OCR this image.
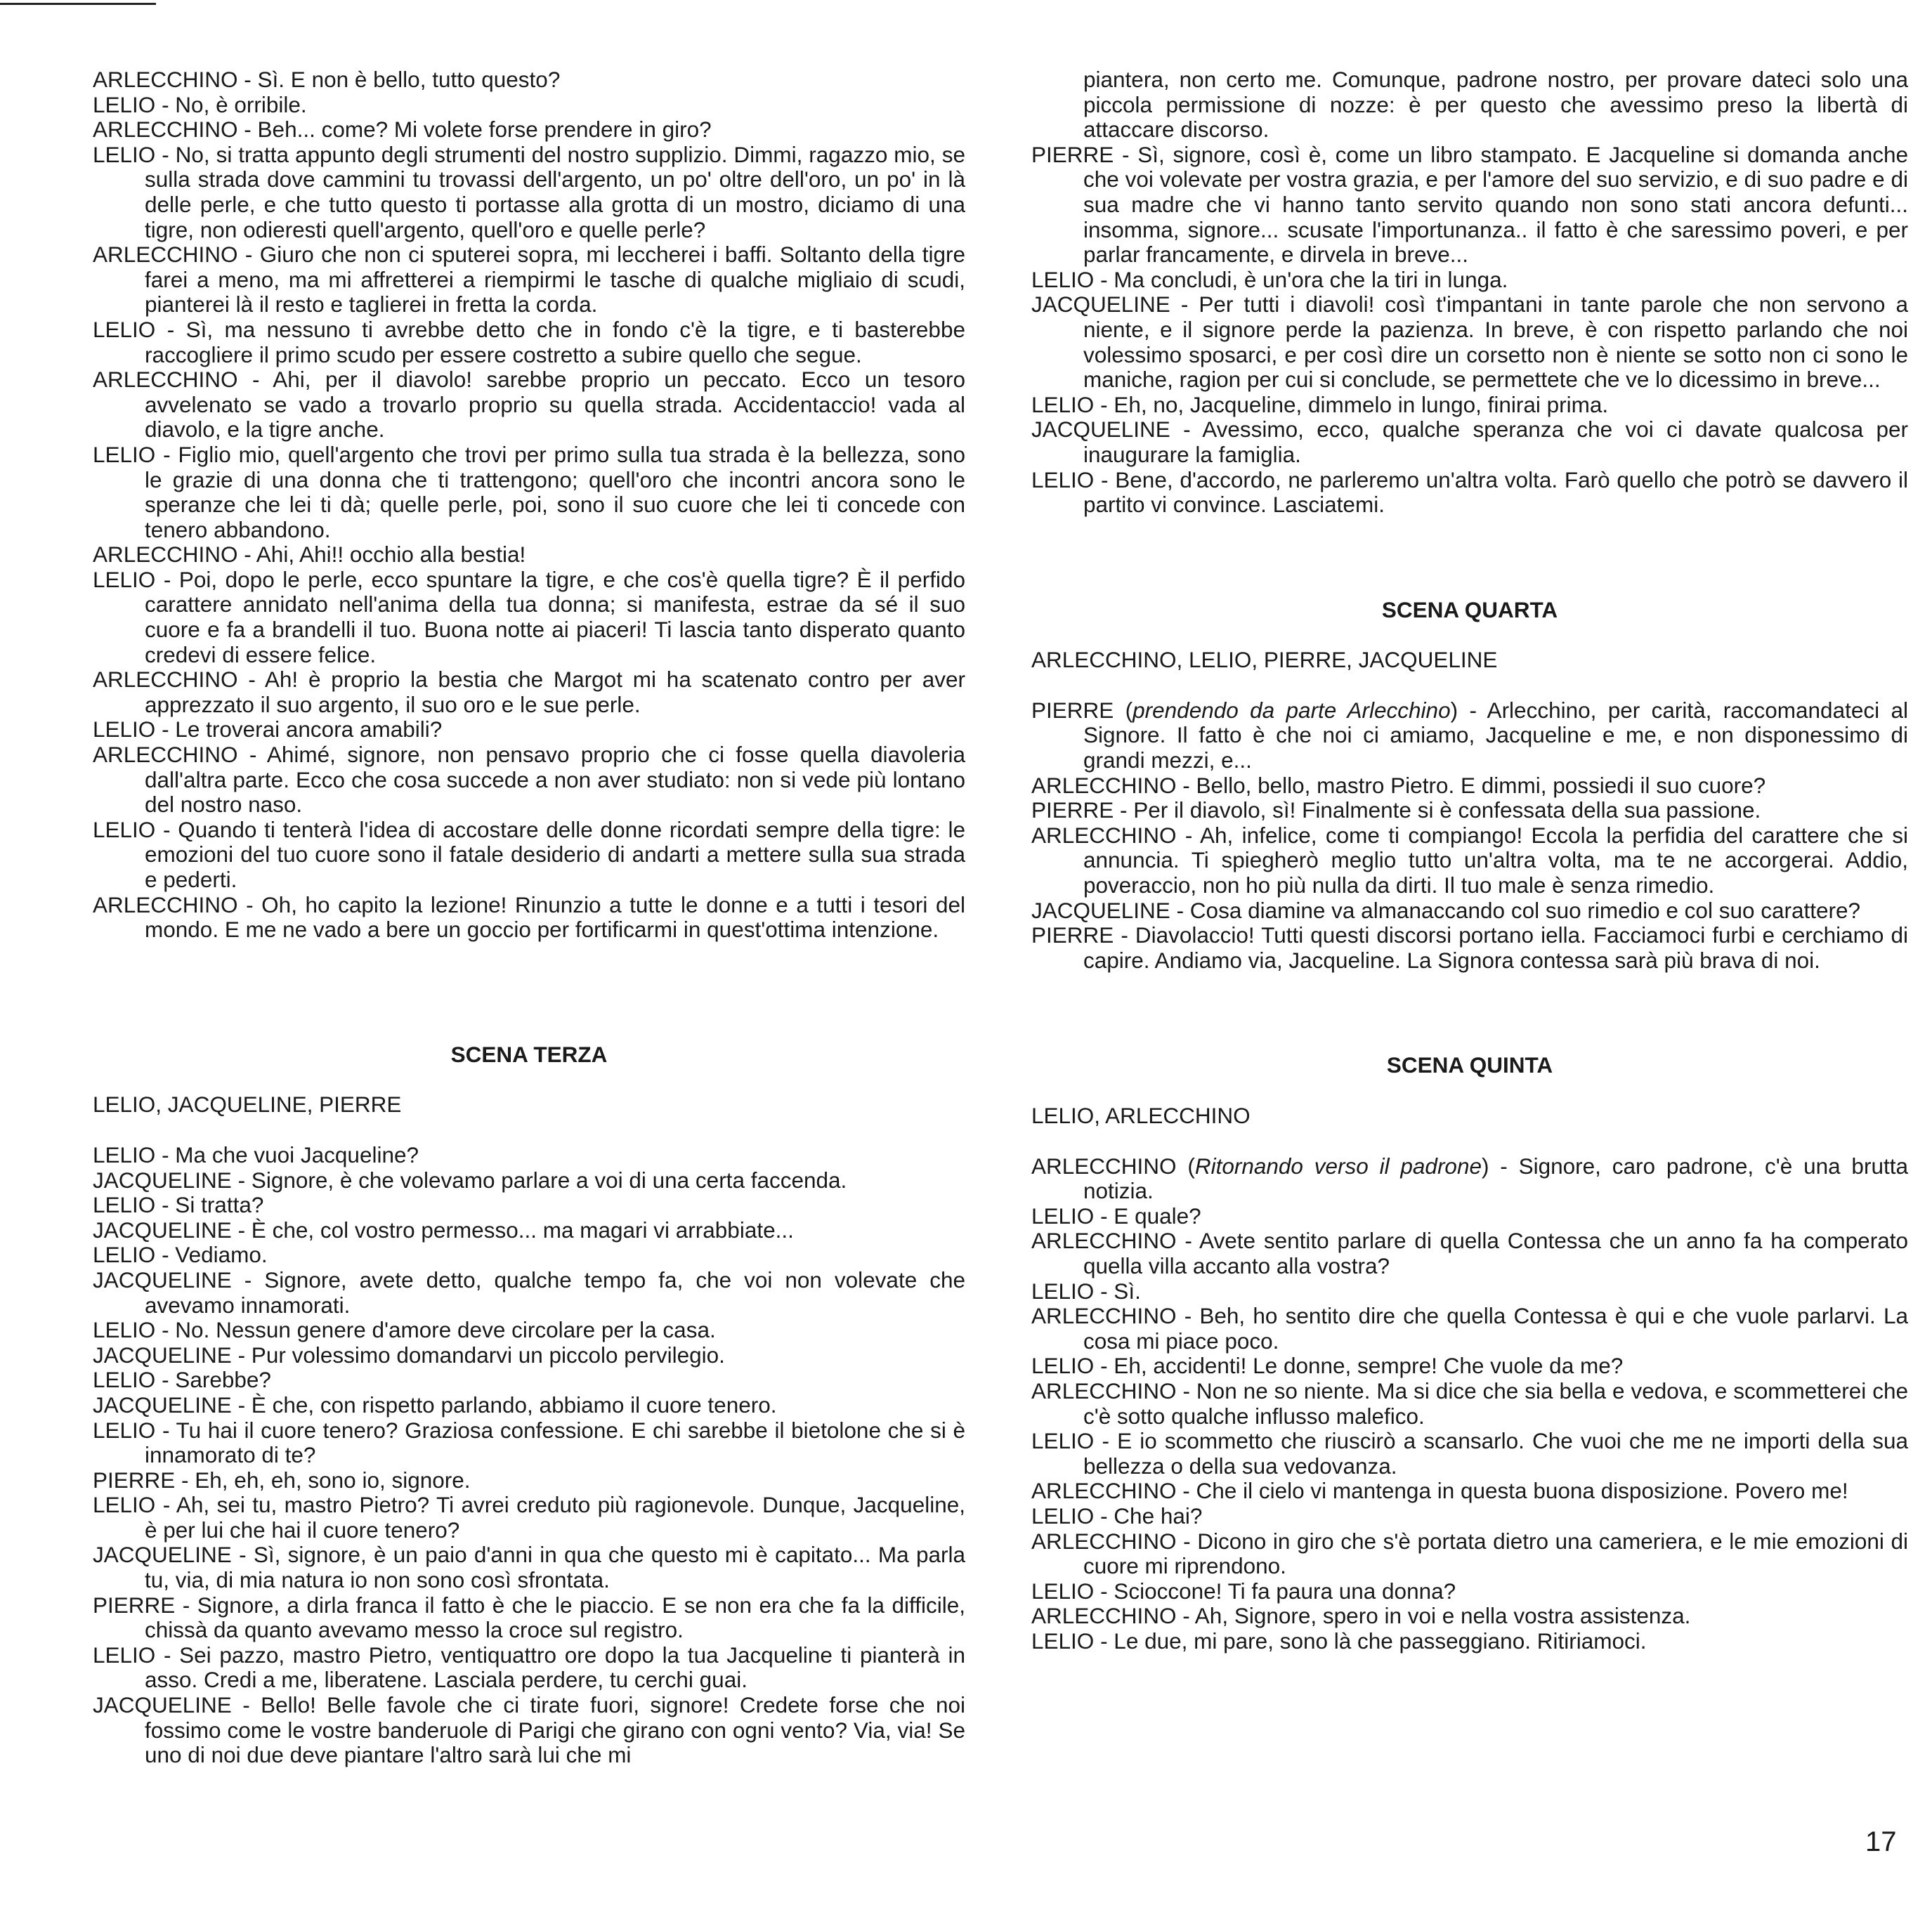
ARLECCHINO - Sì. E non è bello, tutto questo?

LELIO - No, è orribile.

ARLECCHINO - Beh... come? Mi volete forse prendere in giro?

LELIO - No, si tratta appunto degli strumenti del nostro supplizio. Dimmi, ragazzo mio, se sulla strada dove cammini tu trovassi dell'argento, un po' oltre dell'oro, un po' in là delle perle, e che tutto questo ti portasse alla grotta di un mostro, diciamo di una tigre, non odieresti quell'argento, quell'oro e quelle perle?

ARLECCHINO - Giuro che non ci sputerei sopra, mi leccherei i baffi. Soltanto della tigre farei a meno, ma mi affretterei a riempirmi le tasche di qualche migliaio di scudi, pianterei là il resto e taglierei in fretta la corda.

LELIO - Sì, ma nessuno ti avrebbe detto che in fondo c'è la tigre, e ti basterebbe raccogliere il primo scudo per essere costretto a subire quello che segue.

ARLECCHINO - Ahi, per il diavolo! sarebbe proprio un peccato. Ecco un tesoro avvelenato se vado a trovarlo proprio su quella strada. Accidentaccio! vada al diavolo, e la tigre anche.

LELIO - Figlio mio, quell'argento che trovi per primo sulla tua strada è la bellezza, sono le grazie di una donna che ti trattengono; quell'oro che incontri ancora sono le speranze che lei ti dà; quelle perle, poi, sono il suo cuore che lei ti concede con tenero abbandono.

ARLECCHINO - Ahi, Ahi!! occhio alla bestia!

LELIO - Poi, dopo le perle, ecco spuntare la tigre, e che cos'è quella tigre? È il perfido carattere annidato nell'anima della tua donna; si manifesta, estrae da sé il suo cuore e fa a brandelli il tuo. Buona notte ai piaceri! Ti lascia tanto disperato quanto credevi di essere felice.

ARLECCHINO - Ah! è proprio la bestia che Margot mi ha scatenato contro per aver apprezzato il suo argento, il suo oro e le sue perle.

LELIO - Le troverai ancora amabili?

ARLECCHINO - Ahimé, signore, non pensavo proprio che ci fosse quella diavoleria dall'altra parte. Ecco che cosa succede a non aver studiato: non si vede più lontano del nostro naso.

LELIO - Quando ti tenterà l'idea di accostare delle donne ricordati sempre della tigre: le emozioni del tuo cuore sono il fatale desiderio di andarti a mettere sulla sua strada e pederti.

ARLECCHINO - Oh, ho capito la lezione! Rinunzio a tutte le donne e a tutti i tesori del mondo. E me ne vado a bere un goccio per fortificarmi in quest'ottima intenzione.

SCENA TERZA

LELIO, JACQUELINE, PIERRE

LELIO - Ma che vuoi Jacqueline?

JACQUELINE - Signore, è che volevamo parlare a voi di una certa faccenda.

LELIO - Si tratta?

JACQUELINE - È che, col vostro permesso... ma magari vi arrabbiate...

LELIO - Vediamo.

JACQUELINE - Signore, avete detto, qualche tempo fa, che voi non volevate che avevamo innamorati.

LELIO - No. Nessun genere d'amore deve circolare per la casa.

JACQUELINE - Pur volessimo domandarvi un piccolo pervilegio.

LELIO - Sarebbe?

JACQUELINE - È che, con rispetto parlando, abbiamo il cuore tenero.

LELIO - Tu hai il cuore tenero? Graziosa confessione. E chi sarebbe il bietolone che si è innamorato di te?

PIERRE - Eh, eh, eh, sono io, signore.

LELIO - Ah, sei tu, mastro Pietro? Ti avrei creduto più ragionevole. Dunque, Jacqueline, è per lui che hai il cuore tenero?

JACQUELINE - Sì, signore, è un paio d'anni in qua che questo mi è capitato... Ma parla tu, via, di mia natura io non sono così sfrontata.

PIERRE - Signore, a dirla franca il fatto è che le piaccio. E se non era che fa la difficile, chissà da quanto avevamo messo la croce sul registro.

LELIO - Sei pazzo, mastro Pietro, ventiquattro ore dopo la tua Jacqueline ti pianterà in asso. Credi a me, liberatene. Lasciala perdere, tu cerchi guai.

JACQUELINE - Bello! Belle favole che ci tirate fuori, signore! Credete forse che noi fossimo come le vostre banderuole di Parigi che girano con ogni vento? Via, via! Se uno di noi due deve piantare l'altro sarà lui che mi

piantera, non certo me. Comunque, padrone nostro, per provare dateci solo una piccola permissione di nozze: è per questo che avessimo preso la libertà di attaccare discorso.

PIERRE - Sì, signore, così è, come un libro stampato. E Jacqueline si domanda anche che voi volevate per vostra grazia, e per l'amore del suo servizio, e di suo padre e di sua madre che vi hanno tanto servito quando non sono stati ancora defunti... insomma, signore... scusate l'importunanza.. il fatto è che saressimo poveri, e per parlar francamente, e dirvela in breve...

LELIO - Ma concludi, è un'ora che la tiri in lunga.

JACQUELINE - Per tutti i diavoli! così t'impantani in tante parole che non servono a niente, e il signore perde la pazienza. In breve, è con rispetto parlando che noi volessimo sposarci, e per così dire un corsetto non è niente se sotto non ci sono le maniche, ragion per cui si conclude, se permettete che ve lo dicessimo in breve...

LELIO - Eh, no, Jacqueline, dimmelo in lungo, finirai prima.

JACQUELINE - Avessimo, ecco, qualche speranza che voi ci davate qualcosa per inaugurare la famiglia.

LELIO - Bene, d'accordo, ne parleremo un'altra volta. Farò quello che potrò se davvero il partito vi convince. Lasciatemi.

SCENA QUARTA

ARLECCHINO, LELIO, PIERRE, JACQUELINE

PIERRE (prendendo da parte Arlecchino) - Arlecchino, per carità, raccomandateci al Signore. Il fatto è che noi ci amiamo, Jacqueline e me, e non disponessimo di grandi mezzi, e...

ARLECCHINO - Bello, bello, mastro Pietro. E dimmi, possiedi il suo cuore?

PIERRE - Per il diavolo, sì! Finalmente si è confessata della sua passione.

ARLECCHINO - Ah, infelice, come ti compiango! Eccola la perfidia del carattere che si annuncia. Ti spiegherò meglio tutto un'altra volta, ma te ne accorgerai. Addio, poveraccio, non ho più nulla da dirti. Il tuo male è senza rimedio.

JACQUELINE - Cosa diamine va almanaccando col suo rimedio e col suo carattere?

PIERRE - Diavolaccio! Tutti questi discorsi portano iella. Facciamoci furbi e cerchiamo di capire. Andiamo via, Jacqueline. La Signora contessa sarà più brava di noi.

SCENA QUINTA

LELIO, ARLECCHINO

ARLECCHINO (Ritornando verso il padrone) - Signore, caro padrone, c'è una brutta notizia.

LELIO - E quale?

ARLECCHINO - Avete sentito parlare di quella Contessa che un anno fa ha comperato quella villa accanto alla vostra?

LELIO - Sì.

ARLECCHINO - Beh, ho sentito dire che quella Contessa è qui e che vuole parlarvi. La cosa mi piace poco.

LELIO - Eh, accidenti! Le donne, sempre! Che vuole da me?

ARLECCHINO - Non ne so niente. Ma si dice che sia bella e vedova, e scommetterei che c'è sotto qualche influsso malefico.

LELIO - E io scommetto che riuscirò a scansarlo. Che vuoi che me ne importi della sua bellezza o della sua vedovanza.

ARLECCHINO - Che il cielo vi mantenga in questa buona disposizione. Povero me!

LELIO - Che hai?

ARLECCHINO - Dicono in giro che s'è portata dietro una cameriera, e le mie emozioni di cuore mi riprendono.

LELIO - Scioccone! Ti fa paura una donna?

ARLECCHINO - Ah, Signore, spero in voi e nella vostra assistenza.

LELIO - Le due, mi pare, sono là che passeggiano. Ritiriamoci.

17
